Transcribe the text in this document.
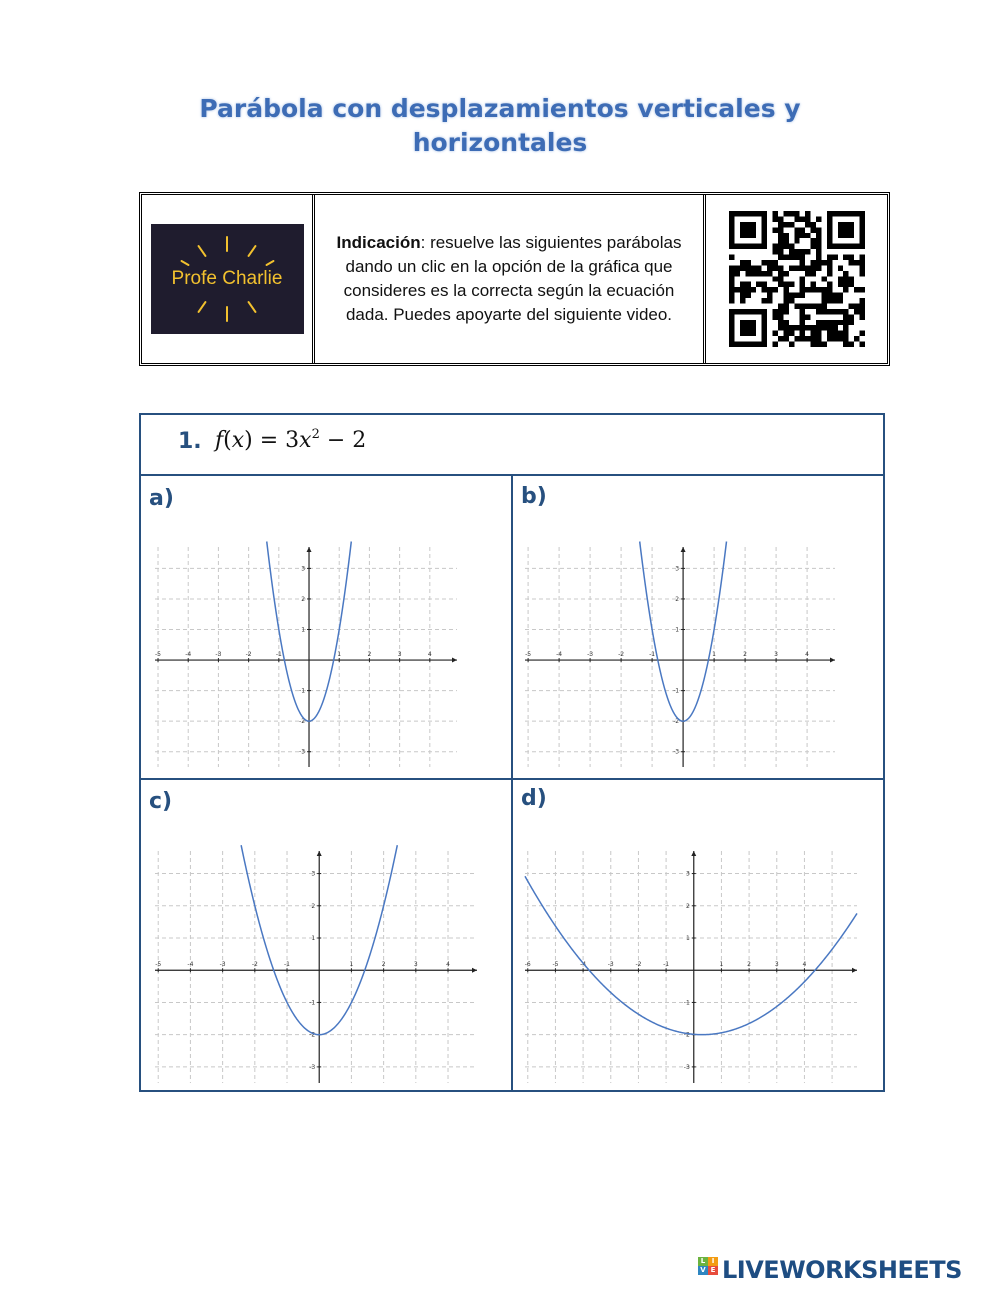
Parábola con desplazamientos verticales y
horizontales
Profe Charlie
Indicación: resuelve las siguientes parábolas dando un clic en la opción de la gráfica que consideres es la correcta según la ecuación dada. Puedes apoyarte del siguiente video.
1. $f(x) = 3x^2 - 2$
a)	b)
c)	d)
-5	-4	-3	-2	-1	1	2	3	4
-3
-2
-1
1
2
3
-5	-4	-3	-2	-1	1	2	3	4
-3
-2
-1
1
2
3
-5	-4	-3	-2	-1	1	2	3	4
-3
-2
-1
1
2
3
-6	-5	-4	-3	-2	-1	1	2	3	4
-3
-2
-1
1
2
3
L I
V E LIVEWORKSHEETS
